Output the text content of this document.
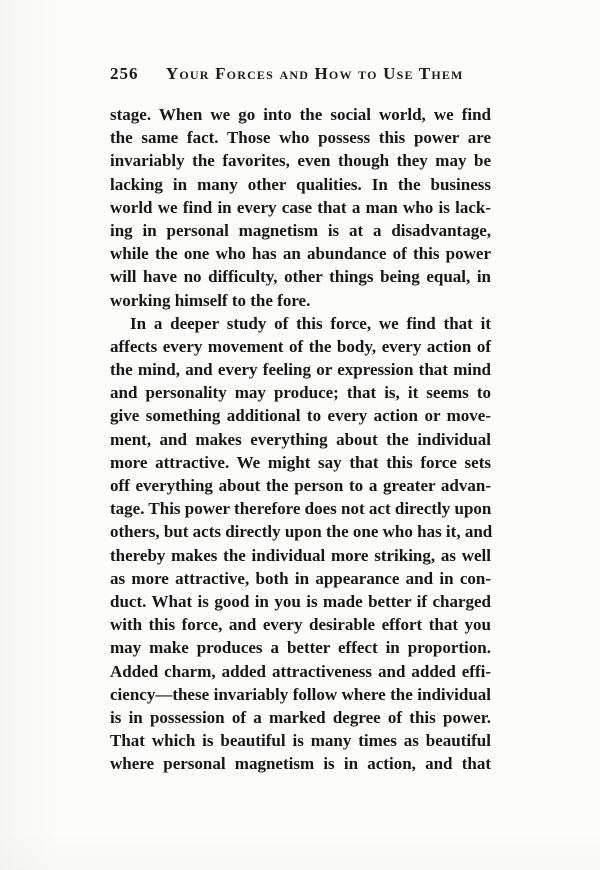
256	Your Forces and How to Use Them
stage. When we go into the social world, we find
the same fact. Those who possess this power are
invariably the favorites, even though they may be
lacking in many other qualities. In the business
world we find in every case that a man who is lack-
ing in personal magnetism is at a disadvantage,
while the one who has an abundance of this power
will have no difficulty, other things being equal, in
working himself to the fore.
In a deeper study of this force, we find that it
affects every movement of the body, every action of
the mind, and every feeling or expression that mind
and personality may produce; that is, it seems to
give something additional to every action or move-
ment, and makes everything about the individual
more attractive. We might say that this force sets
off everything about the person to a greater advan-
tage. This power therefore does not act directly upon
others, but acts directly upon the one who has it, and
thereby makes the individual more striking, as well
as more attractive, both in appearance and in con-
duct. What is good in you is made better if charged
with this force, and every desirable effort that you
may make produces a better effect in proportion.
Added charm, added attractiveness and added effi-
ciency—these invariably follow where the individual
is in possession of a marked degree of this power.
That which is beautiful is many times as beautiful
where personal magnetism is in action, and that
